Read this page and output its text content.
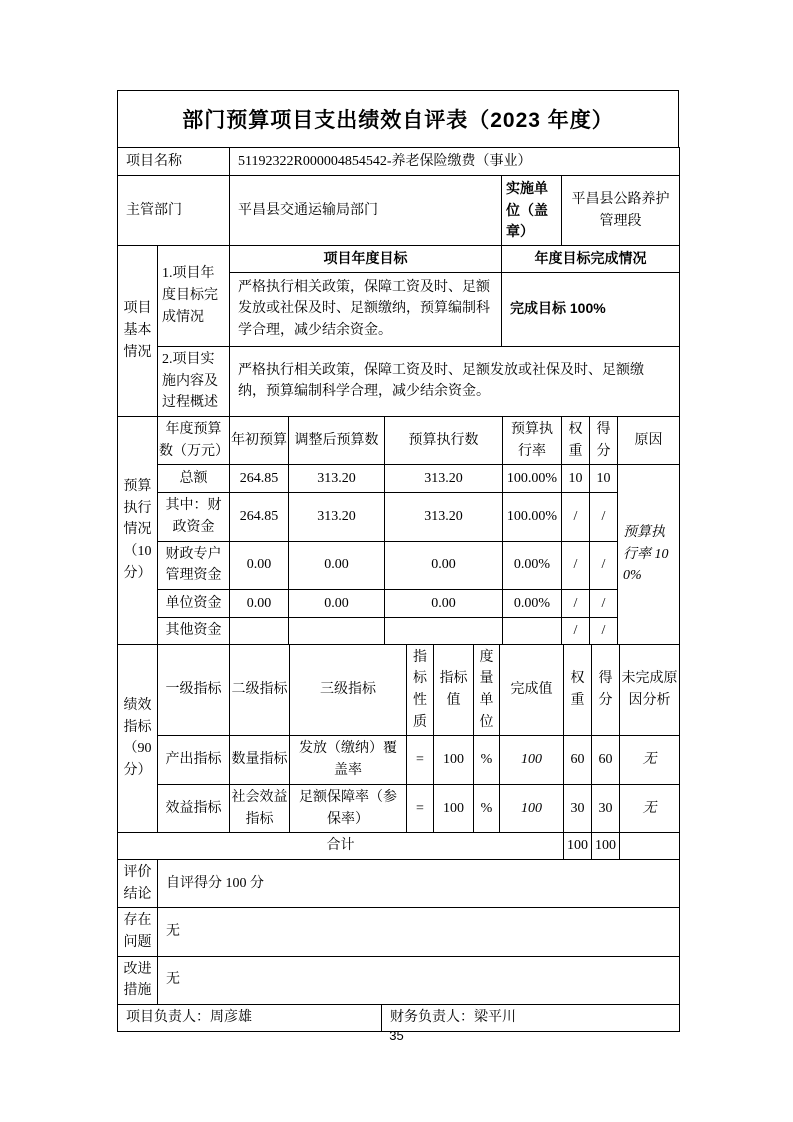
部门预算项目支出绩效自评表（2023 年度）
项目名称	51192322R000004854542-养老保险缴费（事业）		
主管部门	平昌县交通运输局部门	实施单位（盖章）	平昌县公路养护管理段
项目基本情况	1.项目年度目标完成情况	项目年度目标	年度目标完成情况
		严格执行相关政策，保障工资及时、足额发放或社保及时、足额缴纳，预算编制科学合理，减少结余资金。	完成目标 100%
	2.项目实施内容及过程概述	严格执行相关政策，保障工资及时、足额发放或社保及时、足额缴纳，预算编制科学合理，减少结余资金。	
预算执行情况（10分）	年度预算数（万元）	年初预算	调整后预算数	预算执行数	预算执行率	权重	得分	原因
	总额	264.85	313.20	313.20	100.00%	10	10	预算执行率 100%
	其中：财政资金	264.85	313.20	313.20	100.00%	/	/	
	财政专户管理资金	0.00	0.00	0.00	0.00%	/	/	
	单位资金	0.00	0.00	0.00	0.00%	/	/	
	其他资金					/	/	
绩效指标（90分）	一级指标	二级指标	三级指标	指标性质	指标值	度量单位	完成值	权重	得分	未完成原因分析
	产出指标	数量指标	发放（缴纳）覆盖率	=	100	%	100	60	60	无
	效益指标	社会效益指标	足额保障率（参保率）	=	100	%	100	30	30	无
合计								100	100	
评价结论	自评得分 100 分
存在问题	无
改进措施	无
项目负责人：周彦雄	财务负责人：梁平川
35
